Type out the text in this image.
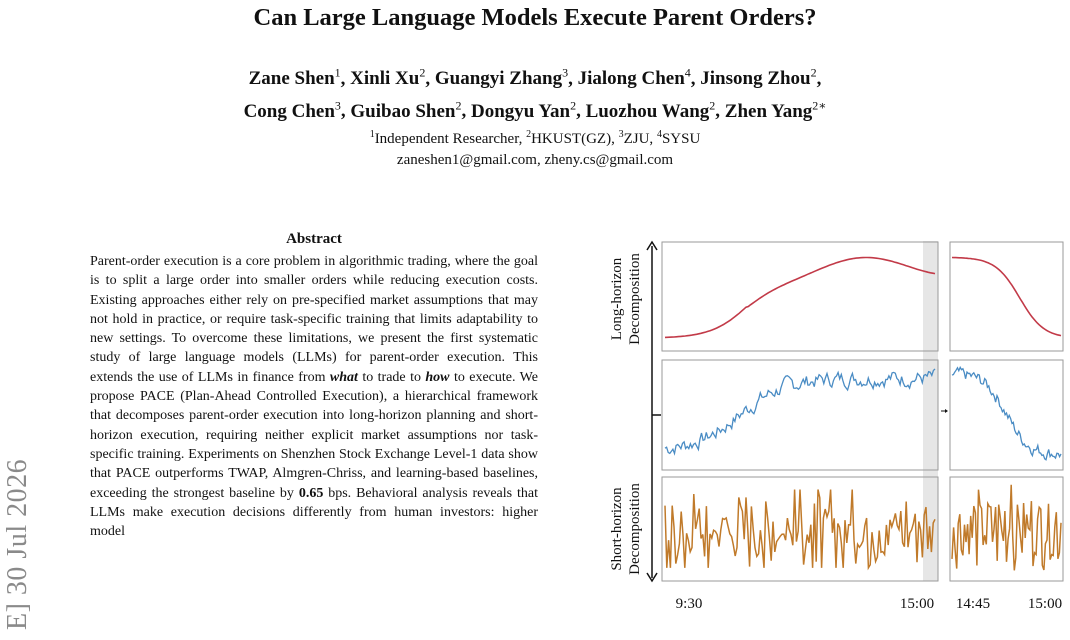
E] 30 Jul 2026
Can Large Language Models Execute Parent Orders?
Zane Shen$^1$, Xinli Xu$^2$, Guangyi Zhang$^3$, Jialong Chen$^4$, Jinsong Zhou$^2$,
Cong Chen$^3$, Guibao Shen$^2$, Dongyu Yan$^2$, Luozhou Wang$^2$, Zhen Yang$^{2∗}$
$^1$Independent Researcher, $^2$HKUST(GZ), $^3$ZJU, $^4$SYSU
zaneshen1@gmail.com, zheny.cs@gmail.com
Abstract
Parent-order execution is a core problem in algorithmic trading, where the goal is to split a large order into smaller orders while reducing execution costs. Existing approaches either rely on pre-specified market assumptions that may not hold in practice, or require task-specific training that limits adaptability to new settings. To overcome these limitations, we present the first systematic study of large language models (LLMs) for parent-order execution. This extends the use of LLMs in finance from what to trade to how to execute. We propose PACE (Plan-Ahead Controlled Execution), a hierarchical framework that decomposes parent-order execution into long-horizon planning and short-horizon execution, requiring neither explicit market assumptions nor task-specific training. Experiments on Shenzhen Stock Exchange Level-1 data show that PACE outperforms TWAP, Almgren-Chriss, and learning-based baselines, exceeding the strongest baseline by 0.65 bps. Behavioral analysis reveals that LLMs make execution decisions differently from human investors: higher model
Long-horizon Decomposition
Short-horizon Decomposition
9:30	15:00 14:45	15:00
